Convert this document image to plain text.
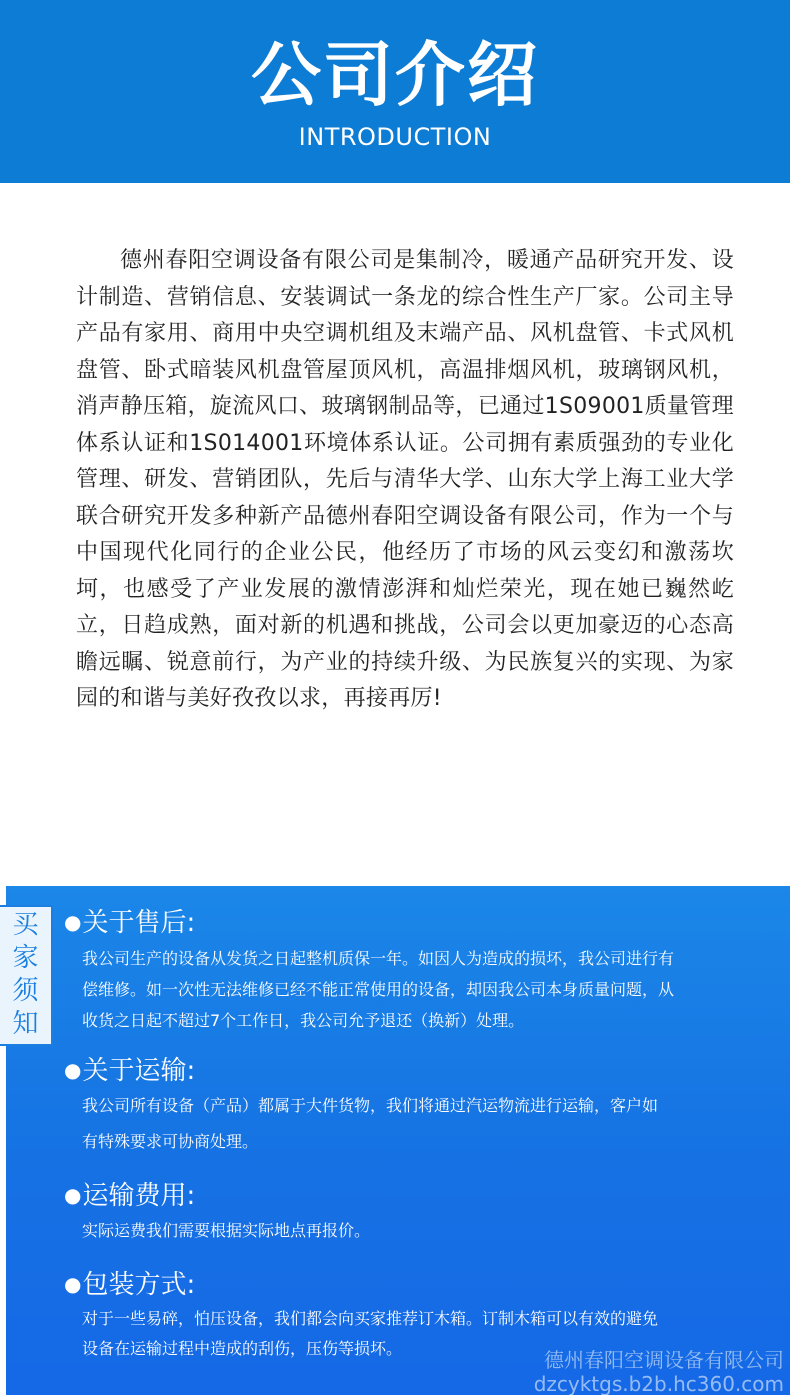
公司介绍
INTRODUCTION

德州春阳空调设备有限公司是集制冷，暖通产品研究开发、设计制造、营销信息、安装调试一条龙的综合性生产厂家。公司主导产品有家用、商用中央空调机组及末端产品、风机盘管、卡式风机盘管、卧式暗装风机盘管屋顶风机，高温排烟风机，玻璃钢风机，消声静压箱，旋流风口、玻璃钢制品等，已通过1S09001质量管理体系认证和1S014001环境体系认证。公司拥有素质强劲的专业化管理、研发、营销团队，先后与清华大学、山东大学上海工业大学联合研究开发多种新产品德州春阳空调设备有限公司，作为一个与中国现代化同行的企业公民，他经历了市场的风云变幻和激荡坎坷，也感受了产业发展的激情澎湃和灿烂荣光，现在她已巍然屹立，日趋成熟，面对新的机遇和挑战，公司会以更加豪迈的心态高瞻远瞩、锐意前行，为产业的持续升级、为民族复兴的实现、为家园的和谐与美好孜孜以求，再接再厉!

买
家
须
知
●关于售后:
我公司生产的设备从发货之日起整机质保一年。如因人为造成的损坏，我公司进行有
偿维修。如一次性无法维修已经不能正常使用的设备，却因我公司本身质量问题，从
收货之日起不超过7个工作日，我公司允予退还（换新）处理。
●关于运输:
我公司所有设备（产品）都属于大件货物，我们将通过汽运物流进行运输，客户如
有特殊要求可协商处理。
●运输费用:
实际运费我们需要根据实际地点再报价。
●包装方式:
对于一些易碎，怕压设备，我们都会向买家推荐订木箱。订制木箱可以有效的避免
设备在运输过程中造成的刮伤，压伤等损坏。	德州春阳空调设备有限公司
dzcyktgs.b2b.hc360.com
